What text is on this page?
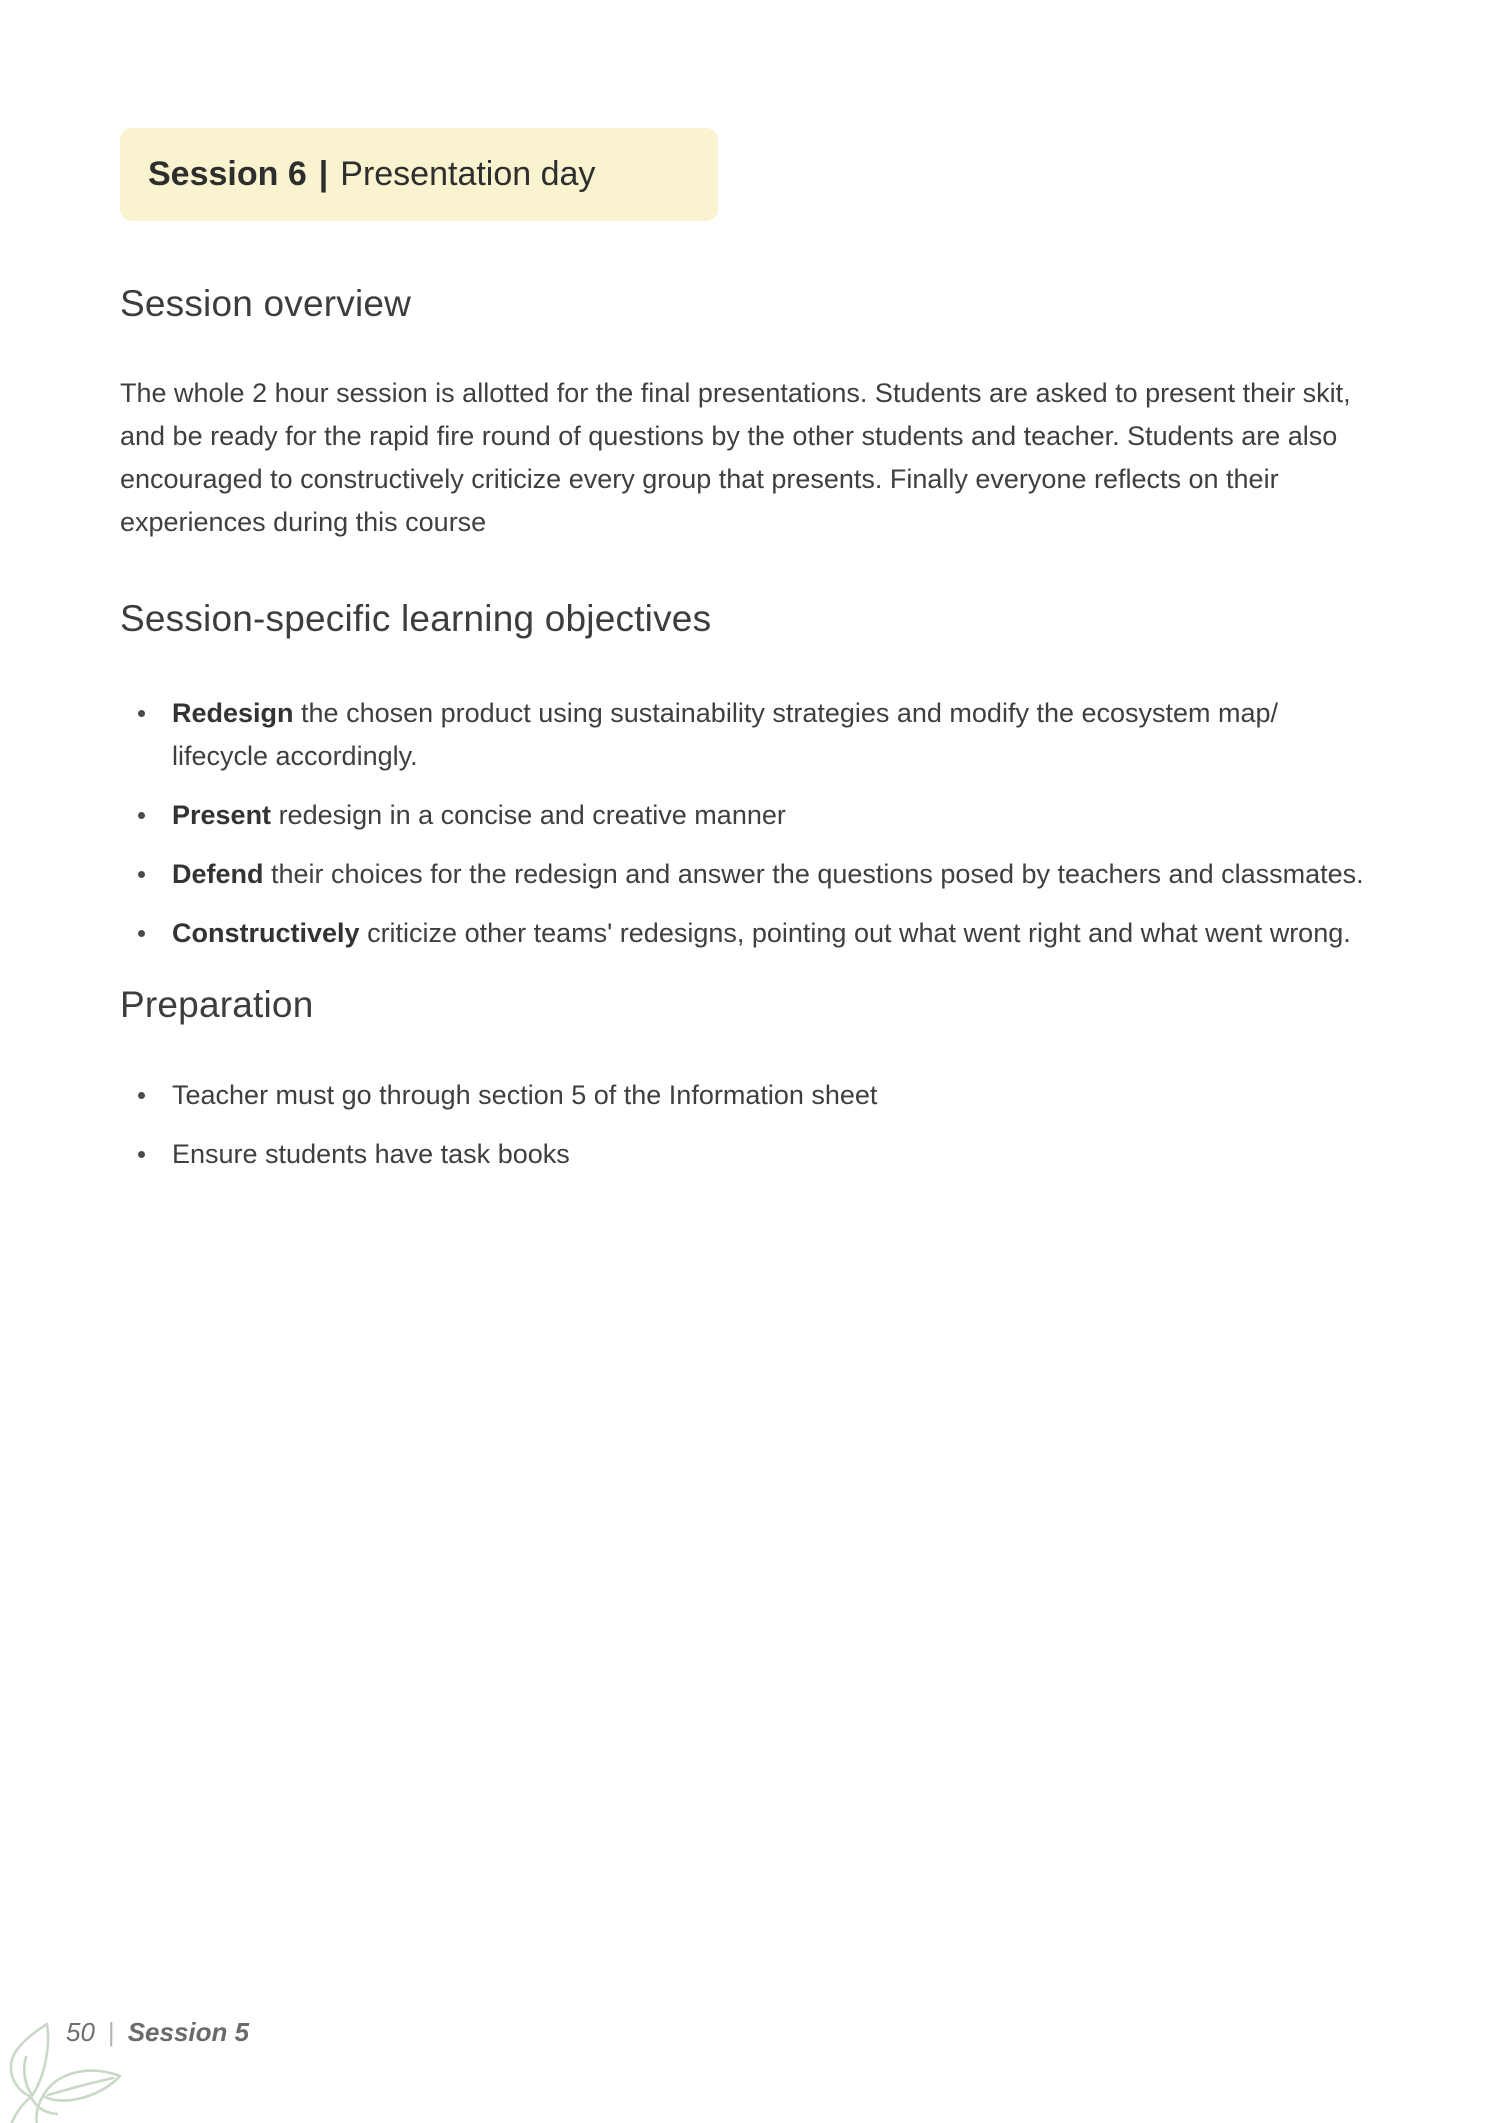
Session 6 | Presentation day
Session overview

The whole 2 hour session is allotted for the final presentations. Students are asked to present their skit, and be ready for the rapid fire round of questions by the other students and teacher. Students are also encouraged to constructively criticize every group that presents. Finally everyone reflects on their experiences during this course

Session-specific learning objectives
Redesign the chosen product using sustainability strategies and modify the ecosystem map/ lifecycle accordingly.
Present redesign in a concise and creative manner
Defend their choices for the redesign and answer the questions posed by teachers and classmates.
Constructively criticize other teams' redesigns, pointing out what went right and what went wrong.
Preparation
Teacher must go through section 5 of the Information sheet
Ensure students have task books
50 | Session 5
